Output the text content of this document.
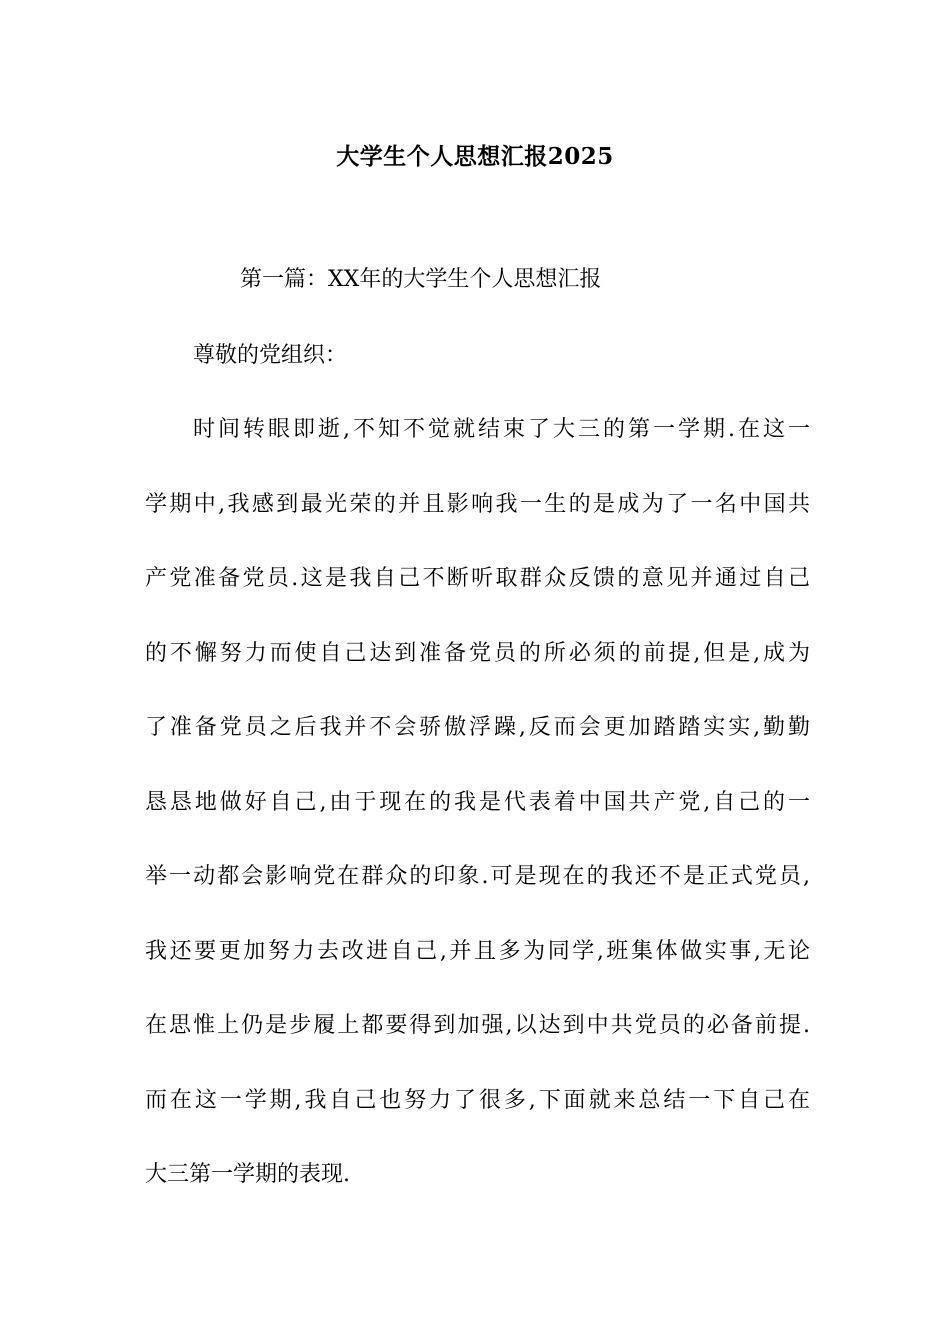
大学生个人思想汇报2025
第一篇：XX年的大学生个人思想汇报
尊敬的党组织：
时间转眼即逝,不知不觉就结束了大三的第一学期.在这一
学期中,我感到最光荣的并且影响我一生的是成为了一名中国共
产党准备党员.这是我自己不断听取群众反馈的意见并通过自己
的不懈努力而使自己达到准备党员的所必须的前提,但是,成为
了准备党员之后我并不会骄傲浮躁,反而会更加踏踏实实,勤勤
恳恳地做好自己,由于现在的我是代表着中国共产党,自己的一
举一动都会影响党在群众的印象.可是现在的我还不是正式党员,
我还要更加努力去改进自己,并且多为同学,班集体做实事,无论
在思惟上仍是步履上都要得到加强,以达到中共党员的必备前提.
而在这一学期,我自己也努力了很多,下面就来总结一下自己在
大三第一学期的表现.
